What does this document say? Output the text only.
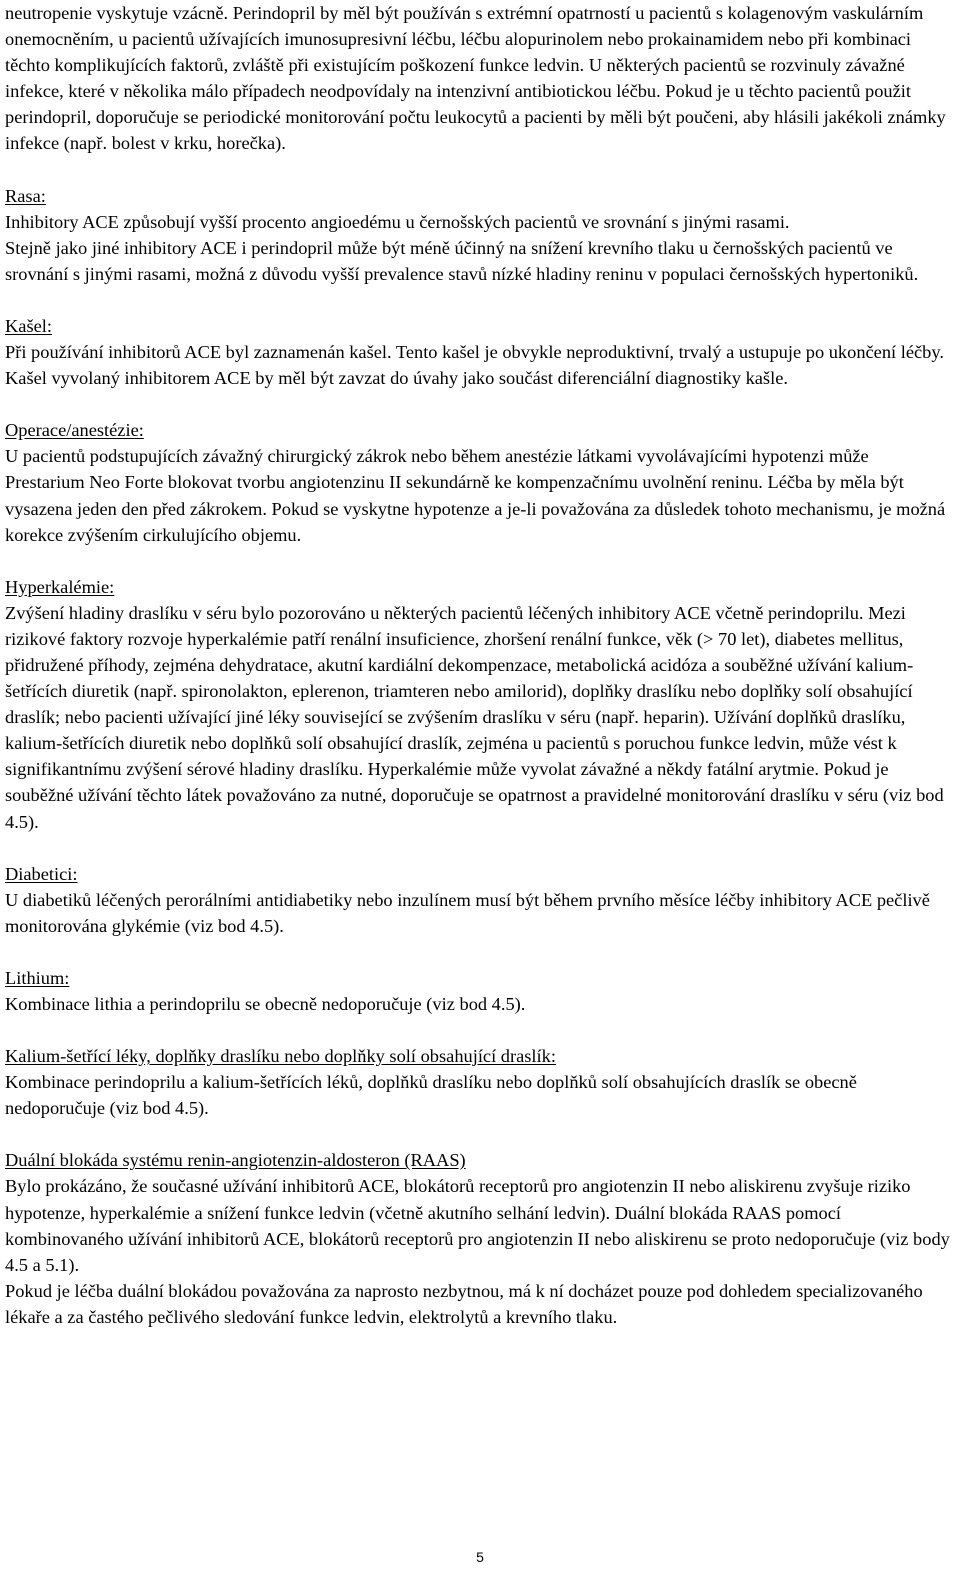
neutropenie vyskytuje vzácně. Perindopril by měl být používán s extrémní opatrností u pacientů s kolagenovým vaskulárním onemocněním, u pacientů užívajících imunosupresivní léčbu, léčbu alopurinolem nebo prokainamidem nebo při kombinaci těchto komplikujících faktorů, zvláště při existujícím poškození funkce ledvin. U některých pacientů se rozvinuly závažné infekce, které v několika málo případech neodpovídaly na intenzivní antibiotickou léčbu. Pokud je u těchto pacientů použit perindopril, doporučuje se periodické monitorování počtu leukocytů a pacienti by měli být poučeni, aby hlásili jakékoli známky infekce (např. bolest v krku, horečka).

Rasa:

Inhibitory ACE způsobují vyšší procento angioedému u černošských pacientů ve srovnání s jinými rasami.

Stejně jako jiné inhibitory ACE i perindopril může být méně účinný na snížení krevního tlaku u černošských pacientů ve srovnání s jinými rasami, možná z důvodu vyšší prevalence stavů nízké hladiny reninu v populaci černošských hypertoniků.

Kašel:

Při používání inhibitorů ACE byl zaznamenán kašel. Tento kašel je obvykle neproduktivní, trvalý a ustupuje po ukončení léčby. Kašel vyvolaný inhibitorem ACE by měl být zavzat do úvahy jako součást diferenciální diagnostiky kašle.

Operace/anestézie:

U pacientů podstupujících závažný chirurgický zákrok nebo během anestézie látkami vyvolávajícími hypotenzi může Prestarium Neo Forte blokovat tvorbu angiotenzinu II sekundárně ke kompenzačnímu uvolnění reninu. Léčba by měla být vysazena jeden den před zákrokem. Pokud se vyskytne hypotenze a je-li považována za důsledek tohoto mechanismu, je možná korekce zvýšením cirkulujícího objemu.

Hyperkalémie:

Zvýšení hladiny draslíku v séru bylo pozorováno u některých pacientů léčených inhibitory ACE včetně perindoprilu. Mezi rizikové faktory rozvoje hyperkalémie patří renální insuficience, zhoršení renální funkce, věk (> 70 let), diabetes mellitus, přidružené příhody, zejména dehydratace, akutní kardiální dekompenzace, metabolická acidóza a souběžné užívání kalium-šetřících diuretik (např. spironolakton, eplerenon, triamteren nebo amilorid), doplňky draslíku nebo doplňky solí obsahující draslík; nebo pacienti užívající jiné léky související se zvýšením draslíku v séru (např. heparin). Užívání doplňků draslíku, kalium-šetřících diuretik nebo doplňků solí obsahující draslík, zejména u pacientů s poruchou funkce ledvin, může vést k signifikantnímu zvýšení sérové hladiny draslíku. Hyperkalémie může vyvolat závažné a někdy fatální arytmie. Pokud je souběžné užívání těchto látek považováno za nutné, doporučuje se opatrnost a pravidelné monitorování draslíku v séru (viz bod 4.5).

Diabetici:

U diabetiků léčených perorálními antidiabetiky nebo inzulínem musí být během prvního měsíce léčby inhibitory ACE pečlivě monitorována glykémie (viz bod 4.5).

Lithium:

Kombinace lithia a perindoprilu se obecně nedoporučuje (viz bod 4.5).

Kalium-šetřící léky, doplňky draslíku nebo doplňky solí obsahující draslík:

Kombinace perindoprilu a kalium-šetřících léků, doplňků draslíku nebo doplňků solí obsahujících draslík se obecně nedoporučuje (viz bod 4.5).

Duální blokáda systému renin-angiotenzin-aldosteron (RAAS)

Bylo prokázáno, že současné užívání inhibitorů ACE, blokátorů receptorů pro angiotenzin II nebo aliskirenu zvyšuje riziko hypotenze, hyperkalémie a snížení funkce ledvin (včetně akutního selhání ledvin). Duální blokáda RAAS pomocí kombinovaného užívání inhibitorů ACE, blokátorů receptorů pro angiotenzin II nebo aliskirenu se proto nedoporučuje (viz body 4.5 a 5.1).

Pokud je léčba duální blokádou považována za naprosto nezbytnou, má k ní docházet pouze pod dohledem specializovaného lékaře a za častého pečlivého sledování funkce ledvin, elektrolytů a krevního tlaku.

5
